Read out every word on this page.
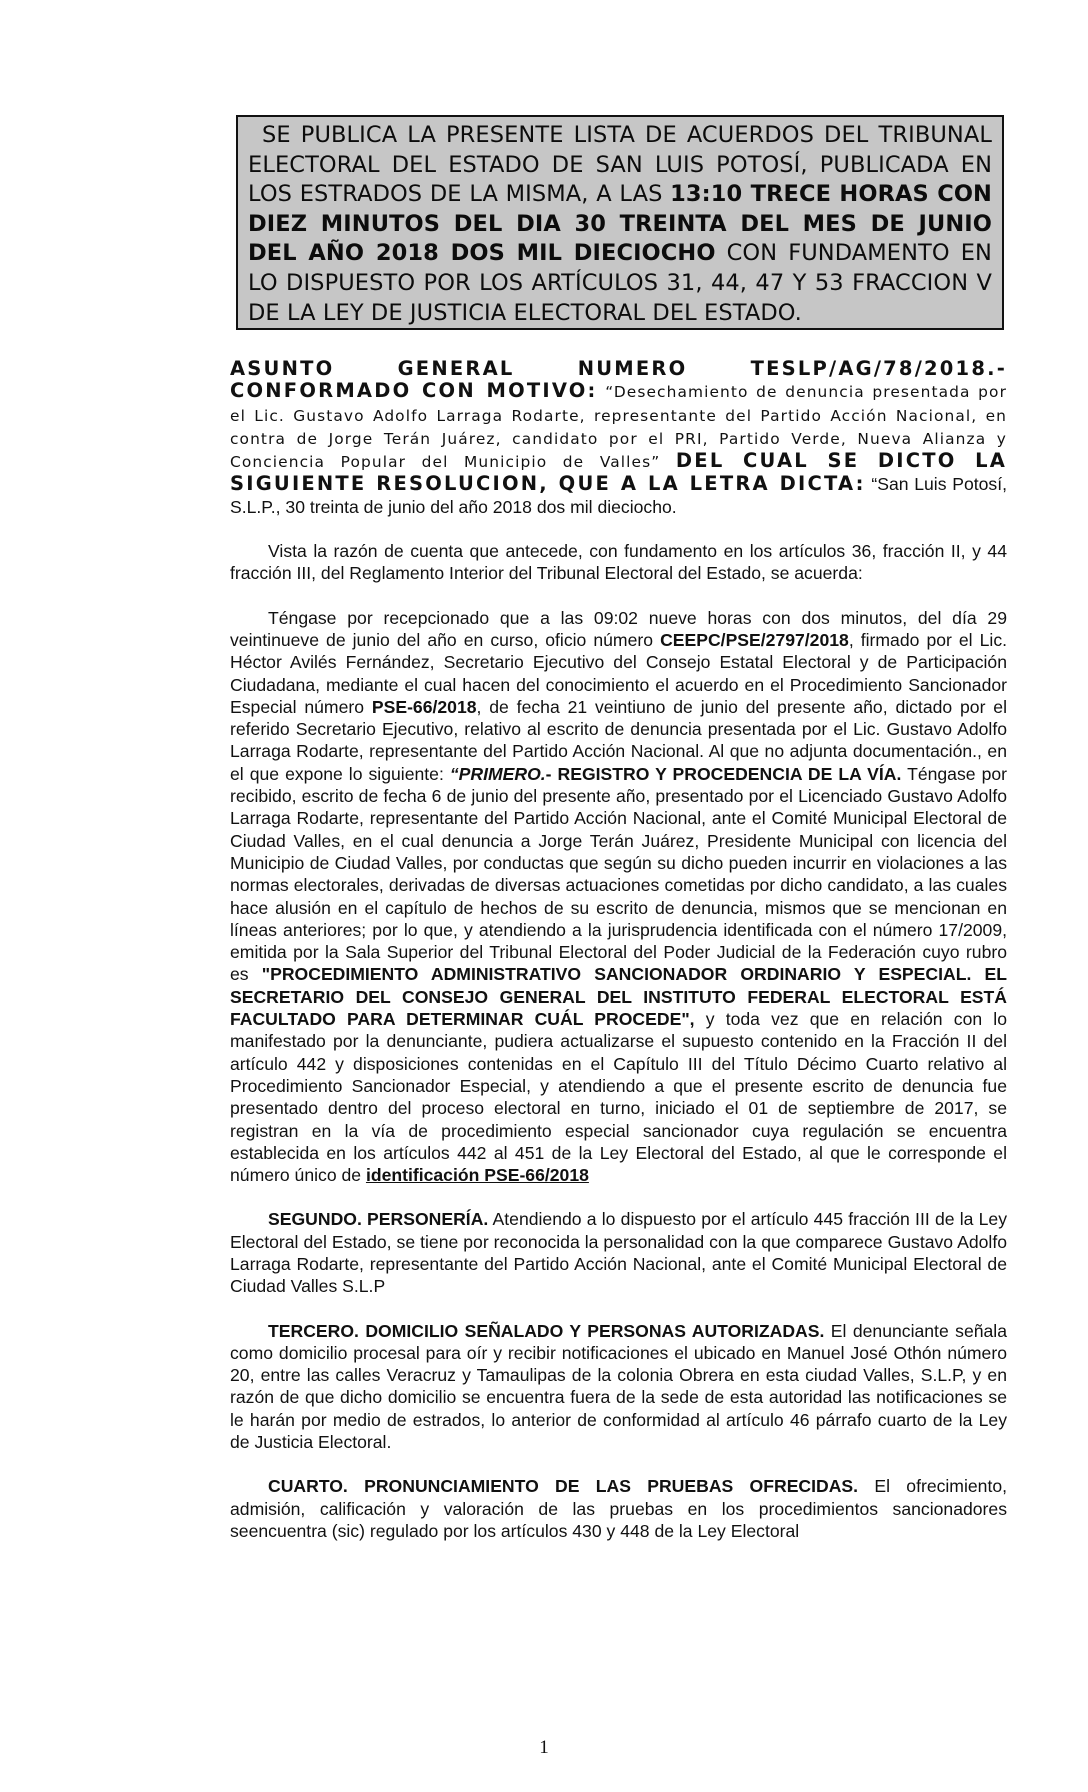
SE PUBLICA LA PRESENTE LISTA DE ACUERDOS DEL TRIBUNAL ELECTORAL DEL ESTADO DE SAN LUIS POTOSÍ, PUBLICADA EN LOS ESTRADOS DE LA MISMA, A LAS 13:10 TRECE HORAS CON DIEZ MINUTOS DEL DIA 30 TREINTA DEL MES DE JUNIO DEL AÑO 2018 DOS MIL DIECIOCHO CON FUNDAMENTO EN LO DISPUESTO POR LOS ARTÍCULOS 31, 44, 47 Y 53 FRACCION V DE LA LEY DE JUSTICIA ELECTORAL DEL ESTADO.

ASUNTO GENERAL NUMERO TESLP/AG/78/2018.-CONFORMADO CON MOTIVO: “Desechamiento de denuncia presentada por el Lic. Gustavo Adolfo Larraga Rodarte, representante del Partido Acción Nacional, en contra de Jorge Terán Juárez, candidato por el PRI, Partido Verde, Nueva Alianza y Conciencia Popular del Municipio de Valles” DEL CUAL SE DICTO LA SIGUIENTE RESOLUCION, QUE A LA LETRA DICTA: “San Luis Potosí, S.L.P., 30 treinta de junio del año 2018 dos mil dieciocho.

Vista la razón de cuenta que antecede, con fundamento en los artículos 36, fracción II, y 44 fracción III, del Reglamento Interior del Tribunal Electoral del Estado, se acuerda:

Téngase por recepcionado que a las 09:02 nueve horas con dos minutos, del día 29 veintinueve de junio del año en curso, oficio número CEEPC/PSE/2797/2018, firmado por el Lic. Héctor Avilés Fernández, Secretario Ejecutivo del Consejo Estatal Electoral y de Participación Ciudadana, mediante el cual hacen del conocimiento el acuerdo en el Procedimiento Sancionador Especial número PSE-66/2018, de fecha 21 veintiuno de junio del presente año, dictado por el referido Secretario Ejecutivo, relativo al escrito de denuncia presentada por el Lic. Gustavo Adolfo Larraga Rodarte, representante del Partido Acción Nacional. Al que no adjunta documentación., en el que expone lo siguiente: “PRIMERO.- REGISTRO Y PROCEDENCIA DE LA VÍA. Téngase por recibido, escrito de fecha 6 de junio del presente año, presentado por el Licenciado Gustavo Adolfo Larraga Rodarte, representante del Partido Acción Nacional, ante el Comité Municipal Electoral de Ciudad Valles, en el cual denuncia a Jorge Terán Juárez, Presidente Municipal con licencia del Municipio de Ciudad Valles, por conductas que según su dicho pueden incurrir en violaciones a las normas electorales, derivadas de diversas actuaciones cometidas por dicho candidato, a las cuales hace alusión en el capítulo de hechos de su escrito de denuncia, mismos que se mencionan en líneas anteriores; por lo que, y atendiendo a la jurisprudencia identificada con el número 17/2009, emitida por la Sala Superior del Tribunal Electoral del Poder Judicial de la Federación cuyo rubro es "PROCEDIMIENTO ADMINISTRATIVO SANCIONADOR ORDINARIO Y ESPECIAL. EL SECRETARIO DEL CONSEJO GENERAL DEL INSTITUTO FEDERAL ELECTORAL ESTÁ FACULTADO PARA DETERMINAR CUÁL PROCEDE", y toda vez que en relación con lo manifestado por la denunciante, pudiera actualizarse el supuesto contenido en la Fracción II del artículo 442 y disposiciones contenidas en el Capítulo III del Título Décimo Cuarto relativo al Procedimiento Sancionador Especial, y atendiendo a que el presente escrito de denuncia fue presentado dentro del proceso electoral en turno, iniciado el 01 de septiembre de 2017, se registran en la vía de procedimiento especial sancionador cuya regulación se encuentra establecida en los artículos 442 al 451 de la Ley Electoral del Estado, al que le corresponde el número único de identificación PSE-66/2018

SEGUNDO. PERSONERÍA. Atendiendo a lo dispuesto por el artículo 445 fracción III de la Ley Electoral del Estado, se tiene por reconocida la personalidad con la que comparece Gustavo Adolfo Larraga Rodarte, representante del Partido Acción Nacional, ante el Comité Municipal Electoral de Ciudad Valles S.L.P

TERCERO. DOMICILIO SEÑALADO Y PERSONAS AUTORIZADAS. El denunciante señala como domicilio procesal para oír y recibir notificaciones el ubicado en Manuel José Othón número 20, entre las calles Veracruz y Tamaulipas de la colonia Obrera en esta ciudad Valles, S.L.P, y en razón de que dicho domicilio se encuentra fuera de la sede de esta autoridad las notificaciones se le harán por medio de estrados, lo anterior de conformidad al artículo 46 párrafo cuarto de la Ley de Justicia Electoral.

CUARTO. PRONUNCIAMIENTO DE LAS PRUEBAS OFRECIDAS. El ofrecimiento, admisión, calificación y valoración de las pruebas en los procedimientos sancionadores seencuentra (sic) regulado por los artículos 430 y 448 de la Ley Electoral

1
